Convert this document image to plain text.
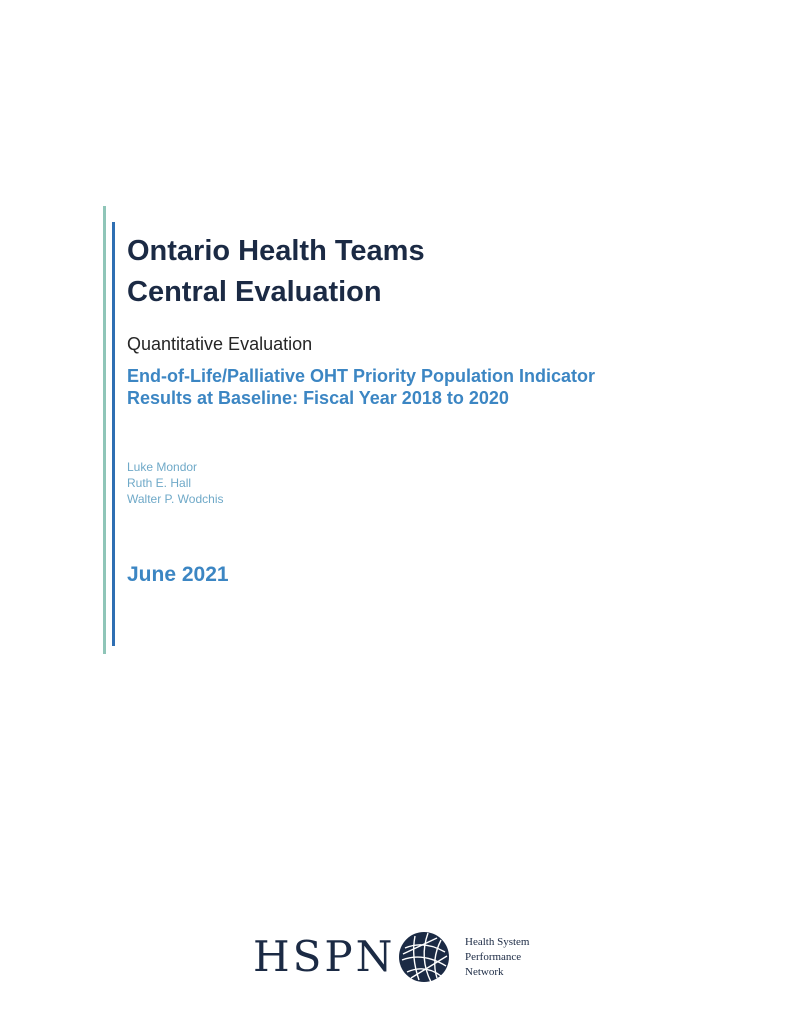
Ontario Health Teams
Central Evaluation
Quantitative Evaluation
End-of-Life/Palliative OHT Priority Population Indicator
Results at Baseline: Fiscal Year 2018 to 2020
Luke Mondor
Ruth E. Hall
Walter P. Wodchis
June 2021
HSPN	Health System
Performance
Network
